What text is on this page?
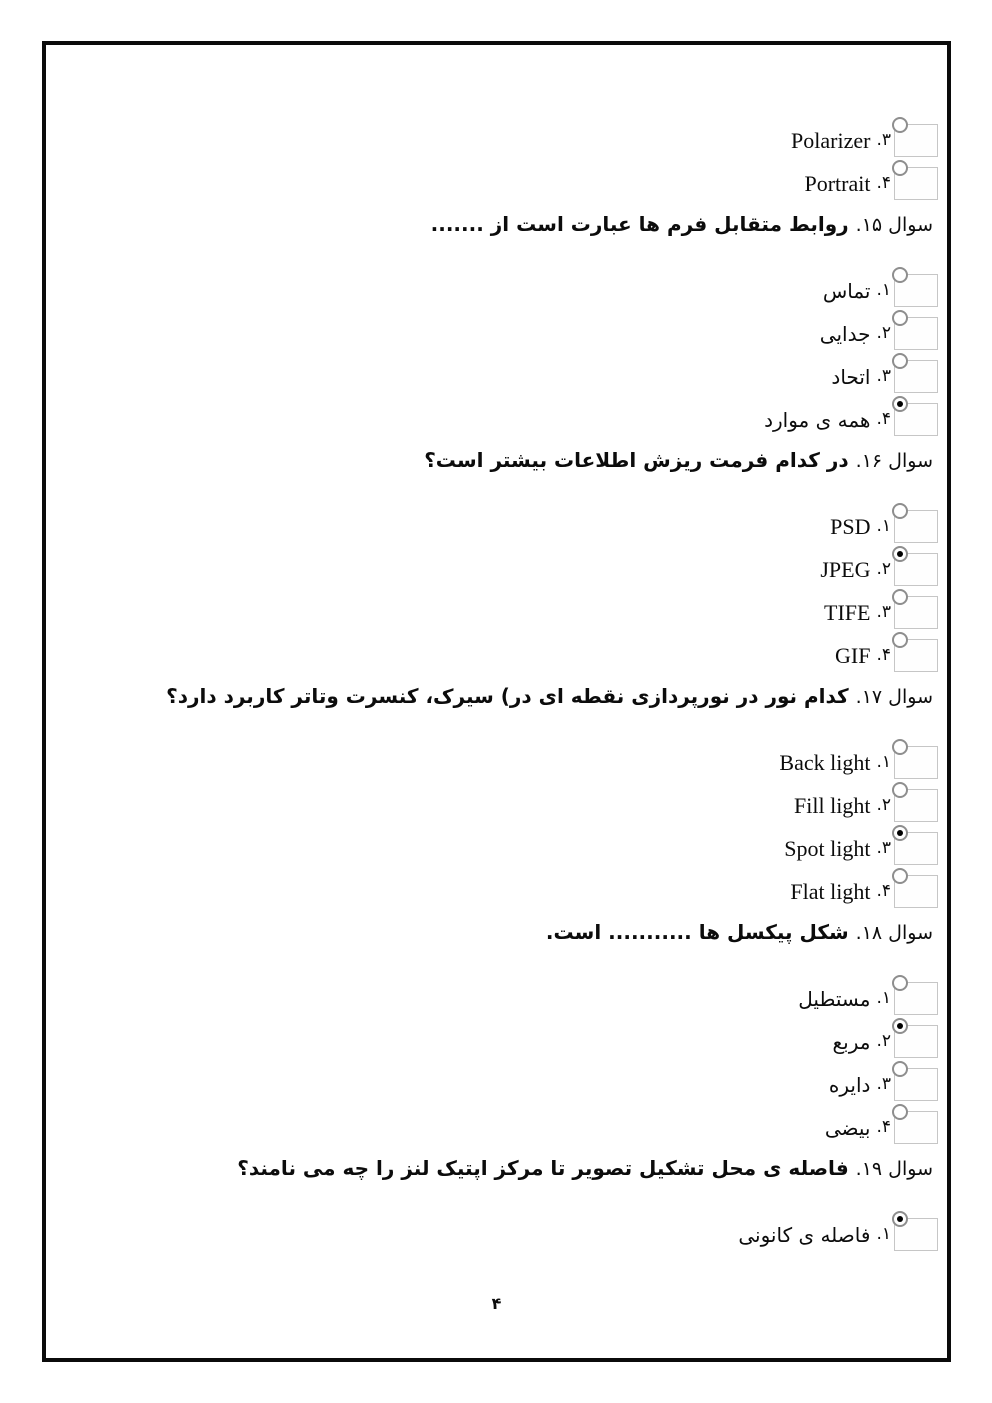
Polarizer .۳
Portrait .۴
سوال ۱۵.روابط متقابل فرم ها عبارت است از .......
تماس .۱
جدایی .۲
اتحاد .۳
همه ی موارد .۴
سوال ۱۶.در کدام فرمت ریزش اطلاعات بیشتر است؟
PSD .۱
JPEG .۲
TIFE .۳
GIF .۴
سوال ۱۷.کدام نور در نورپردازی نقطه ای در) سیرک، کنسرت وتاتر کاربرد دارد؟
Back light .۱
Fill light .۲
Spot light .۳
Flat light .۴
سوال ۱۸.شکل پیکسل ها ........... است.
مستطیل .۱
مربع .۲
دایره .۳
بیضی .۴
سوال ۱۹.فاصله ی محل تشکیل تصویر تا مرکز اپتیک لنز را چه می نامند؟
فاصله ی کانونی .۱
۴
